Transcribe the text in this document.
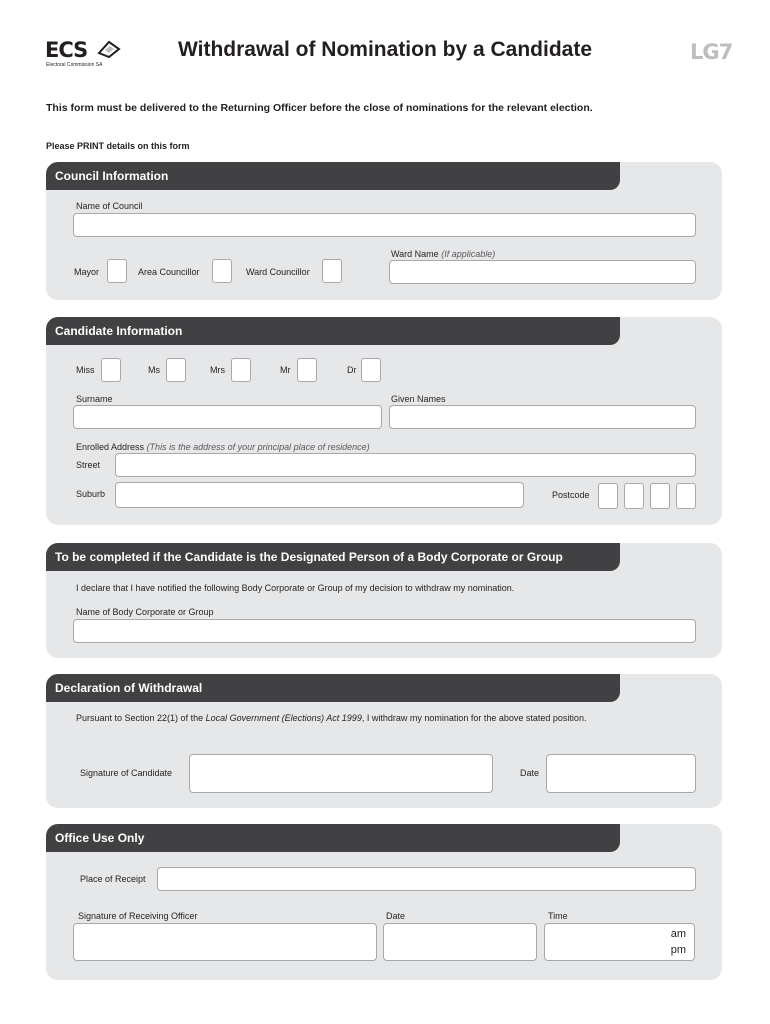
ECS
Electoral Commission SA
Withdrawal of Nomination by a Candidate	LG7
This form must be delivered to the Returning Officer before the close of nominations for the relevant election.
Please PRINT details on this form
Council Information
Name of Council
Ward Name (If applicable)
Mayor	Area Councillor	Ward Councillor
Candidate Information
Miss	Ms	Mrs	Mr	Dr
Surname	Given Names
Enrolled Address (This is the address of your principal place of residence)
Street
Suburb	Postcode
To be completed if the Candidate is the Designated Person of a Body Corporate or Group
I declare that I have notified the following Body Corporate or Group of my decision to withdraw my nomination.
Name of Body Corporate or Group
Declaration of Withdrawal
Pursuant to Section 22(1) of the Local Government (Elections) Act 1999, I withdraw my nomination for the above stated position.
Signature of Candidate	Date
Office Use Only
Place of Receipt
Signature of Receiving Officer	Date	Time
am
pm
